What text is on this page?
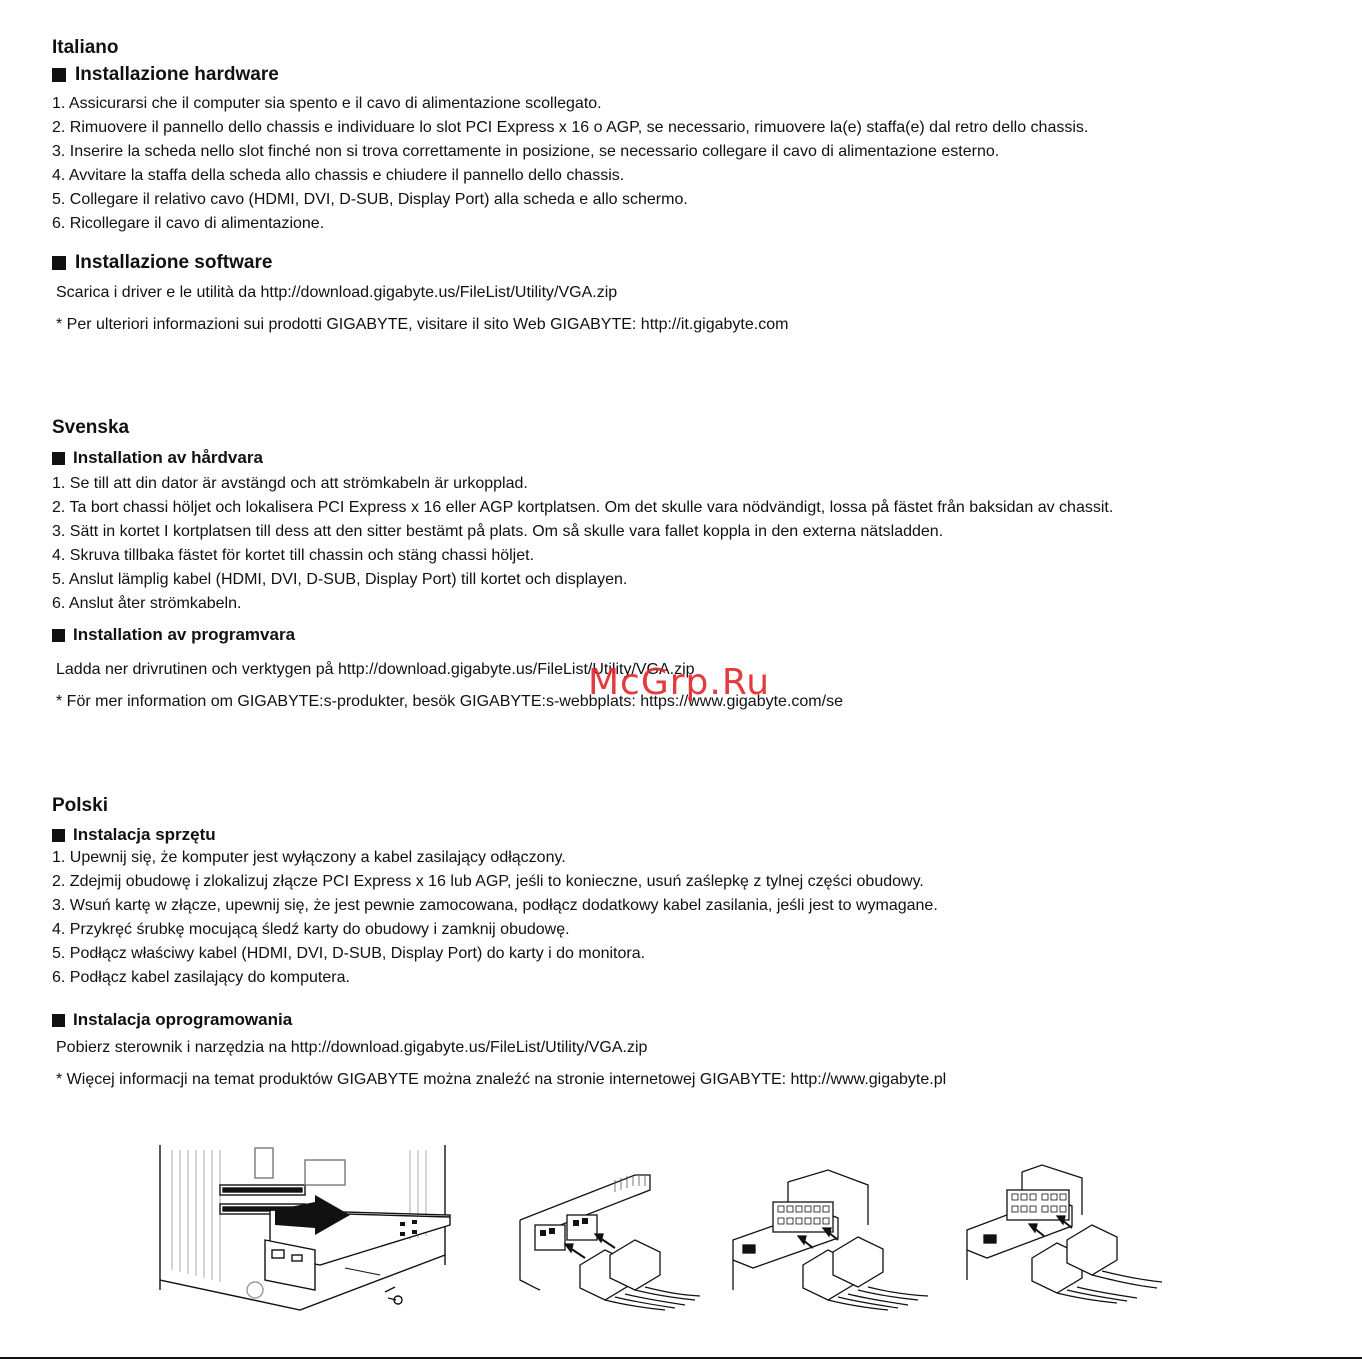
Italiano
Installazione hardware
1. Assicurarsi che il computer sia spento e il cavo di alimentazione scollegato.
2. Rimuovere il pannello dello chassis e individuare lo slot PCI Express x 16 o AGP, se necessario, rimuovere la(e) staffa(e) dal retro dello chassis.
3. Inserire la scheda nello slot finché non si trova correttamente in posizione, se necessario collegare il cavo di alimentazione esterno.
4. Avvitare la staffa della scheda allo chassis e chiudere il pannello dello chassis.
5. Collegare il relativo cavo (HDMI, DVI, D-SUB, Display Port) alla scheda e allo schermo.
6. Ricollegare il cavo di alimentazione.
Installazione software

Scarica i driver e le utilità da http://download.gigabyte.us/FileList/Utility/VGA.zip

* Per ulteriori informazioni sui prodotti GIGABYTE, visitare il sito Web GIGABYTE: http://it.gigabyte.com

Svenska
Installation av hårdvara
1. Se till att din dator är avstängd och att strömkabeln är urkopplad.
2. Ta bort chassi höljet och lokalisera PCI Express x 16 eller AGP kortplatsen. Om det skulle vara nödvändigt, lossa på fästet från baksidan av chassit.
3. Sätt in kortet I kortplatsen till dess att den sitter bestämt på plats. Om så skulle vara fallet koppla in den externa nätsladden.
4. Skruva tillbaka fästet för kortet till chassin och stäng chassi höljet.
5. Anslut lämplig kabel (HDMI, DVI, D-SUB, Display Port) till kortet och displayen.
6. Anslut åter strömkabeln.
Installation av programvara

Ladda ner drivrutinen och verktygen på http://download.gigabyte.us/FileList/Utility/VGA.zip

* För mer information om GIGABYTE:s-produkter, besök GIGABYTE:s-webbplats: https://www.gigabyte.com/se

Polski
Instalacja sprzętu
1. Upewnij się, że komputer jest wyłączony a kabel zasilający odłączony.
2. Zdejmij obudowę i zlokalizuj złącze PCI Express x 16 lub AGP, jeśli to konieczne, usuń zaślepkę z tylnej części obudowy.
3. Wsuń kartę w złącze, upewnij się, że jest pewnie zamocowana, podłącz dodatkowy kabel zasilania, jeśli jest to wymagane.
4. Przykręć śrubkę mocującą śledź karty do obudowy i zamknij obudowę.
5. Podłącz właściwy kabel (HDMI, DVI, D-SUB, Display Port) do karty i do monitora.
6. Podłącz kabel zasilający do komputera.
Instalacja oprogramowania

Pobierz sterownik i narzędzia na http://download.gigabyte.us/FileList/Utility/VGA.zip

* Więcej informacji na temat produktów GIGABYTE można znaleźć na stronie internetowej GIGABYTE: http://www.gigabyte.pl

McGrp.Ru
